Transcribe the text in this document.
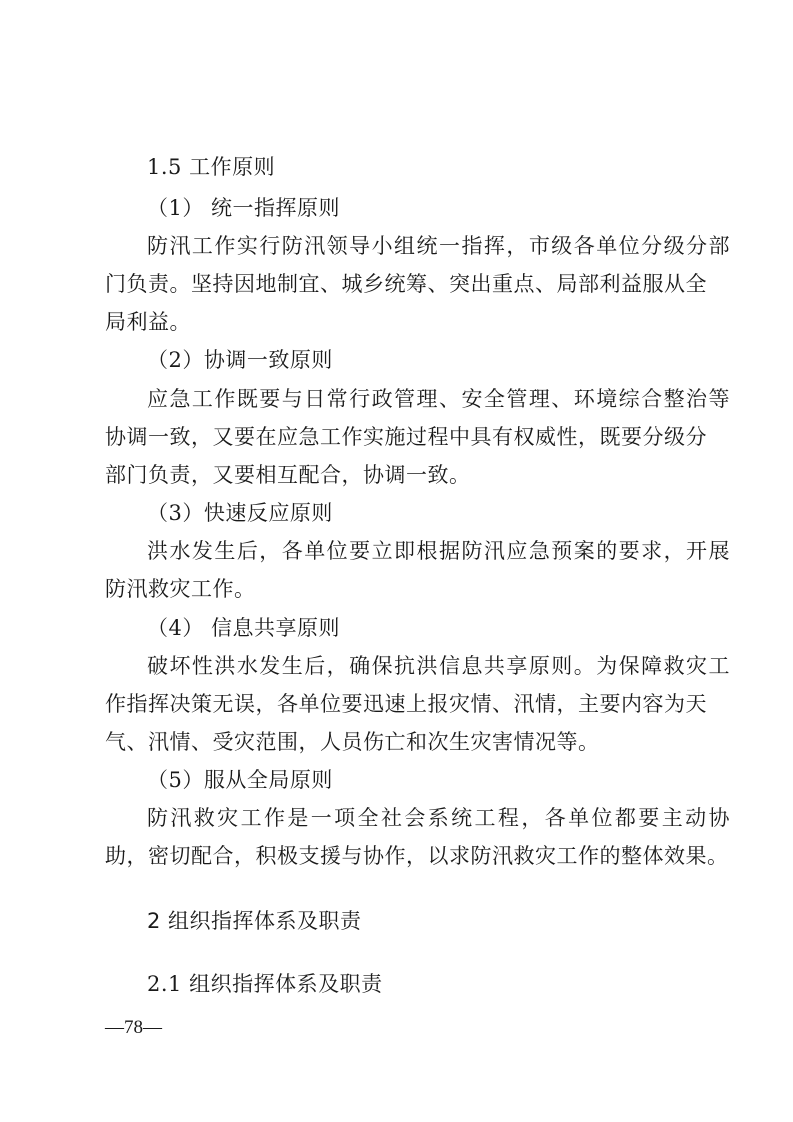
1.5 工作原则
（1） 统一指挥原则
防汛工作实行防汛领导小组统一指挥，市级各单位分级分部
门负责。坚持因地制宜、城乡统筹、突出重点、局部利益服从全
局利益。
（2）协调一致原则
应急工作既要与日常行政管理、安全管理、环境综合整治等
协调一致，又要在应急工作实施过程中具有权威性，既要分级分
部门负责，又要相互配合，协调一致。
（3）快速反应原则
洪水发生后，各单位要立即根据防汛应急预案的要求，开展
防汛救灾工作。
（4） 信息共享原则
破坏性洪水发生后，确保抗洪信息共享原则。为保障救灾工
作指挥决策无误，各单位要迅速上报灾情、汛情，主要内容为天
气、汛情、受灾范围，人员伤亡和次生灾害情况等。
（5）服从全局原则
防汛救灾工作是一项全社会系统工程，各单位都要主动协
助，密切配合，积极支援与协作，以求防汛救灾工作的整体效果。
2 组织指挥体系及职责
2.1 组织指挥体系及职责
—78—
